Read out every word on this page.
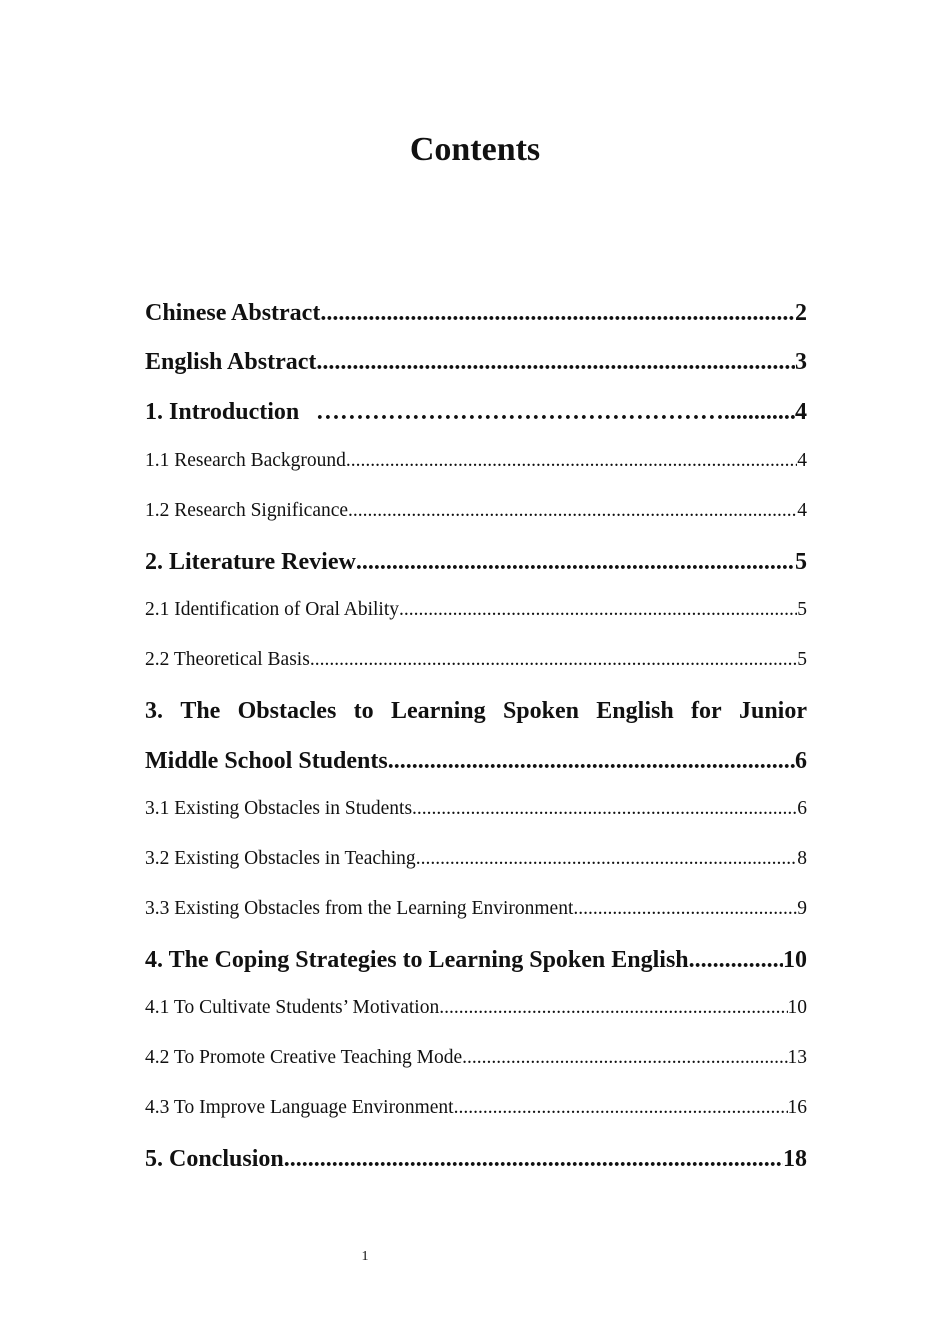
Contents
Chinese Abstract .....	2
English Abstract .....	3
1. Introduction …………………………………………….........................................................	4
1.1 Research Background .....	4
1.2 Research Significance .....	4
2. Literature Review .....	5
2.1 Identification of Oral Ability .....	5
2.2 Theoretical Basis .....	5
3. The Obstacles to Learning Spoken English for Junior
Middle School Students .....	6
3.1 Existing Obstacles in Students .....	6
3.2 Existing Obstacles in Teaching .....	8
3.3 Existing Obstacles from the Learning Environment .....	9
4. The Coping Strategies to Learning Spoken English .....	10
4.1 To Cultivate Students’ Motivation .....	10
4.2 To Promote Creative Teaching Mode .....	13
4.3 To Improve Language Environment .....	16
5. Conclusion .....	18
1
